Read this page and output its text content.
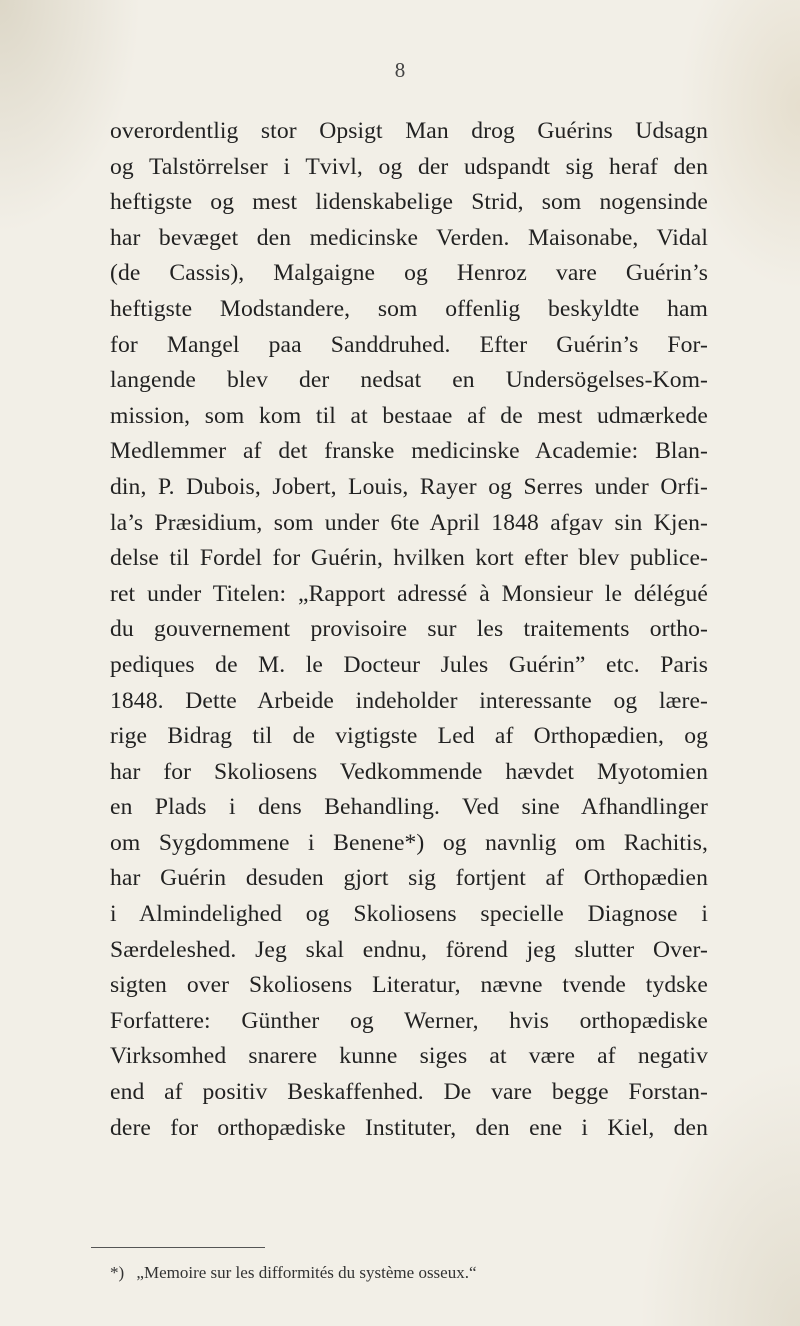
8
overordentlig stor Opsigt Man drog Guérins Udsagn
og Talstörrelser i Tvivl, og der udspandt sig heraf den
heftigste og mest lidenskabelige Strid, som nogensinde
har bevæget den medicinske Verden. Maisonabe, Vidal
(de Cassis), Malgaigne og Henroz vare Guérin’s
heftigste Modstandere, som offenlig beskyldte ham
for Mangel paa Sanddruhed. Efter Guérin’s For-
langende blev der nedsat en Undersögelses-Kom-
mission, som kom til at bestaae af de mest udmærkede
Medlemmer af det franske medicinske Academie: Blan-
din, P. Dubois, Jobert, Louis, Rayer og Serres under Orfi-
la’s Præsidium, som under 6te April 1848 afgav sin Kjen-
delse til Fordel for Guérin, hvilken kort efter blev publice-
ret under Titelen: „Rapport adressé à Monsieur le délégué
du gouvernement provisoire sur les traitements ortho-
pediques de M. le Docteur Jules Guérin” etc. Paris
1848. Dette Arbeide indeholder interessante og lære-
rige Bidrag til de vigtigste Led af Orthopædien, og
har for Skoliosens Vedkommende hævdet Myotomien
en Plads i dens Behandling. Ved sine Afhandlinger
om Sygdommene i Benene*) og navnlig om Rachitis,
har Guérin desuden gjort sig fortjent af Orthopædien
i Almindelighed og Skoliosens specielle Diagnose i
Særdeleshed. Jeg skal endnu, förend jeg slutter Over-
sigten over Skoliosens Literatur, nævne tvende tydske
Forfattere: Günther og Werner, hvis orthopædiske
Virksomhed snarere kunne siges at være af negativ
end af positiv Beskaffenhed. De vare begge Forstan-
dere for orthopædiske Instituter, den ene i Kiel, den
*) „Memoire sur les difformités du système osseux.“
